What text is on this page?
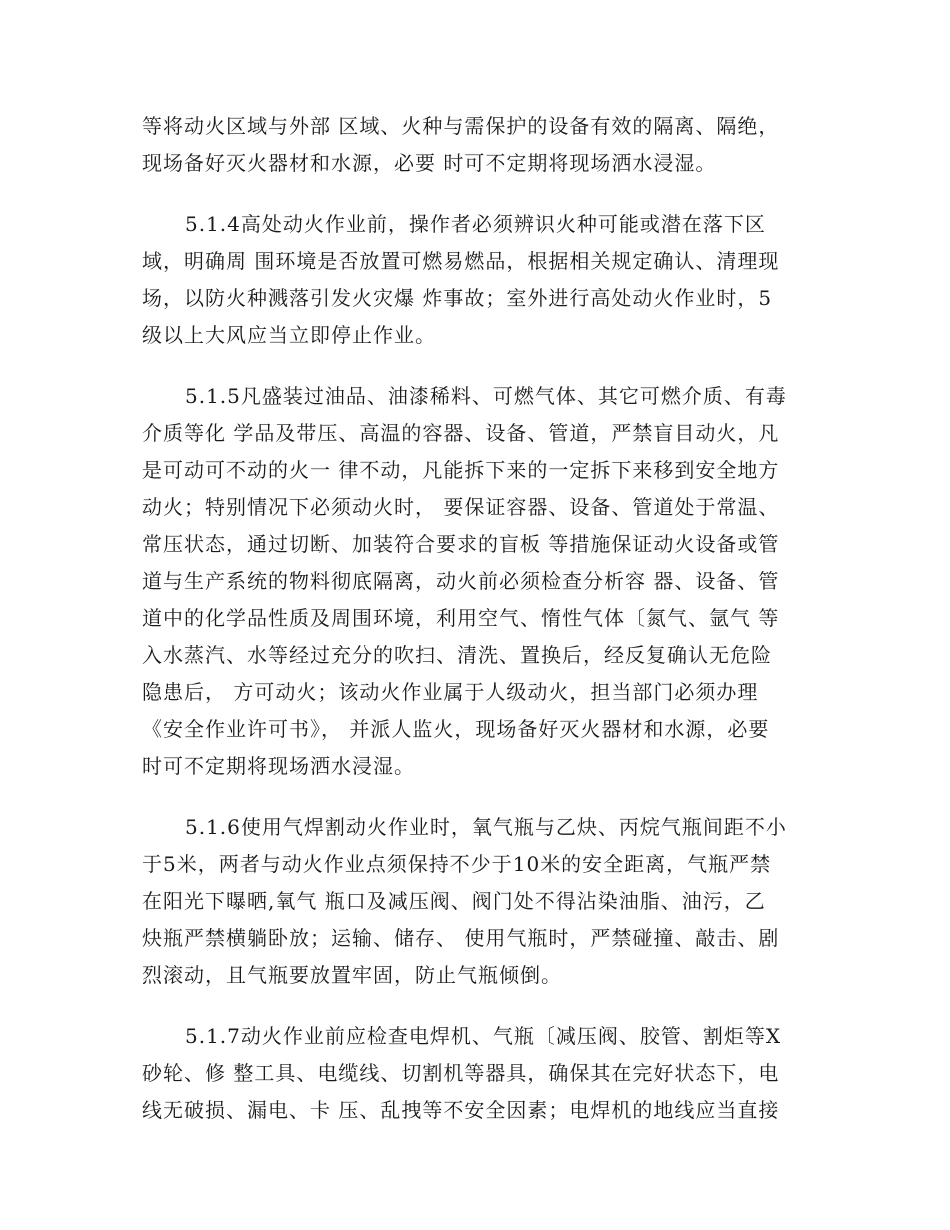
等将动火区域与外部 区域、火种与需保护的设备有效的隔离、隔绝，
现场备好灭火器材和水源，必要 时可不定期将现场洒水浸湿。
5.1.4高处动火作业前，操作者必须辨识火种可能或潜在落下区
域，明确周 围环境是否放置可燃易燃品，根据相关规定确认、清理现
场，以防火种溅落引发火灾爆 炸事故；室外进行高处动火作业时，5
级以上大风应当立即停止作业。
5.1.5凡盛装过油品、油漆稀料、可燃气体、其它可燃介质、有毒
介质等化 学品及带压、高温的容器、设备、管道，严禁盲目动火，凡
是可动可不动的火一 律不动，凡能拆下来的一定拆下来移到安全地方
动火；特别情况下必须动火时， 要保证容器、设备、管道处于常温、
常压状态，通过切断、加装符合要求的盲板 等措施保证动火设备或管
道与生产系统的物料彻底隔离，动火前必须检查分析容 器、设备、管
道中的化学品性质及周围环境，利用空气、惰性气体〔氮气、氩气 等
入水蒸汽、水等经过充分的吹扫、清洗、置换后，经反复确认无危险
隐患后， 方可动火；该动火作业属于人级动火，担当部门必须办理
《安全作业许可书》， 并派人监火，现场备好灭火器材和水源，必要
时可不定期将现场洒水浸湿。
5.1.6使用气焊割动火作业时，氧气瓶与乙炔、丙烷气瓶间距不小
于5米，两者与动火作业点须保持不少于10米的安全距离，气瓶严禁
在阳光下曝晒,氧气 瓶口及减压阀、阀门处不得沾染油脂、油污，乙
炔瓶严禁横躺卧放；运输、储存、 使用气瓶时，严禁碰撞、敲击、剧
烈滚动，且气瓶要放置牢固，防止气瓶倾倒。
5.1.7动火作业前应检查电焊机、气瓶〔减压阀、胶管、割炬等X
砂轮、修 整工具、电缆线、切割机等器具，确保其在完好状态下，电
线无破损、漏电、卡 压、乱拽等不安全因素；电焊机的地线应当直接
